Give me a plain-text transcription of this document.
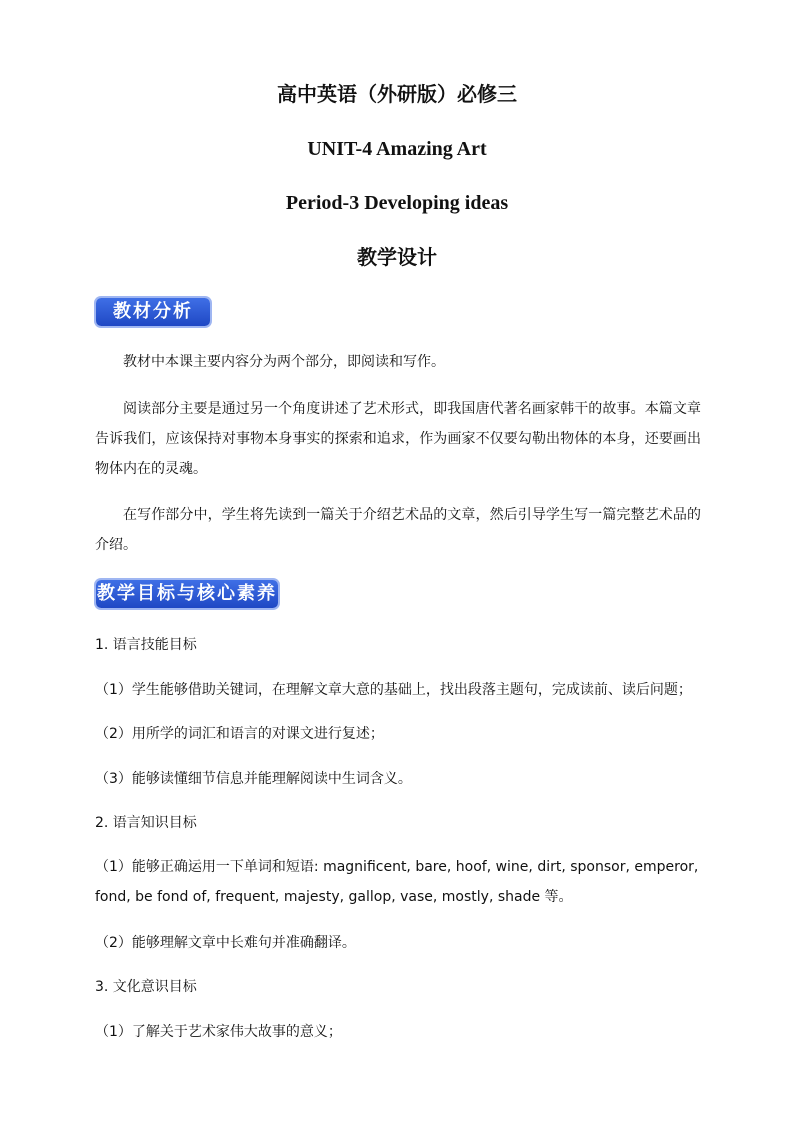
高中英语（外研版）必修三
UNIT-4 Amazing Art
Period-3 Developing ideas
教学设计
教材分析

教材中本课主要内容分为两个部分，即阅读和写作。

阅读部分主要是通过另一个角度讲述了艺术形式，即我国唐代著名画家韩干的故事。本篇文章告诉我们，应该保持对事物本身事实的探索和追求，作为画家不仅要勾勒出物体的本身，还要画出物体内在的灵魂。

在写作部分中，学生将先读到一篇关于介绍艺术品的文章，然后引导学生写一篇完整艺术品的介绍。

教学目标与核心素养
1. 语言技能目标
（1）学生能够借助关键词，在理解文章大意的基础上，找出段落主题句，完成读前、读后问题；
（2）用所学的词汇和语言的对课文进行复述；
（3）能够读懂细节信息并能理解阅读中生词含义。
2. 语言知识目标

（1）能够正确运用一下单词和短语: magnificent, bare, hoof, wine, dirt, sponsor, emperor, fond, be fond of, frequent, majesty, gallop, vase, mostly, shade 等。

（2）能够理解文章中长难句并准确翻译。
3. 文化意识目标
（1）了解关于艺术家伟大故事的意义；
